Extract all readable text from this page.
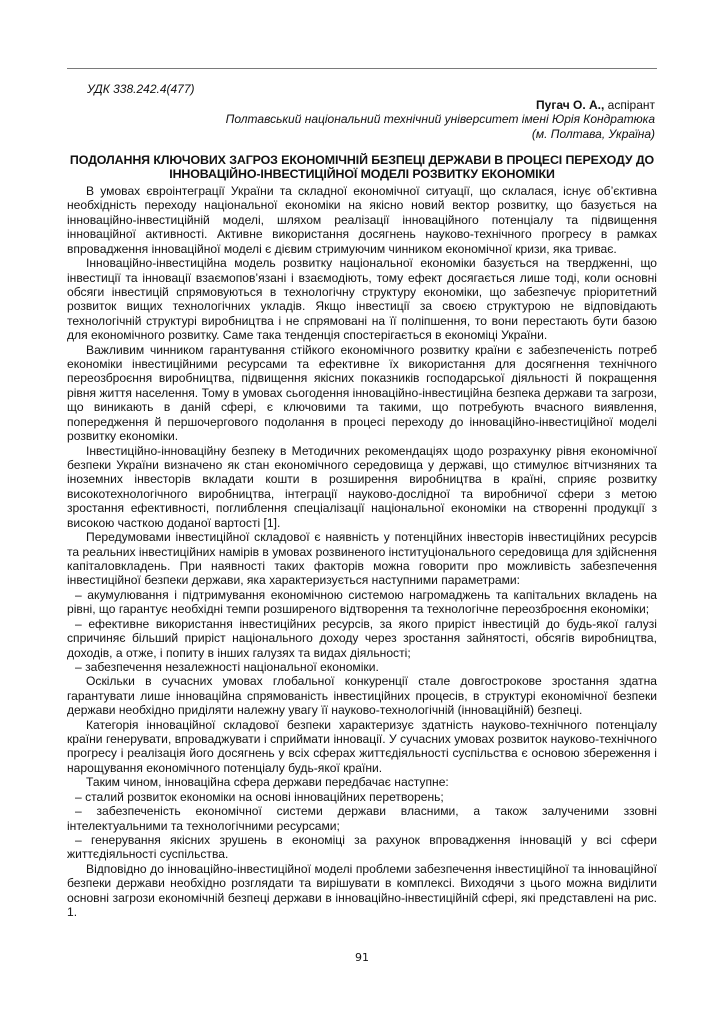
УДК 338.242.4(477)
Пугач О. А., аспірант
Полтавський національний технічний університет імені Юрія Кондратюка
(м. Полтава, Україна)
ПОДОЛАННЯ КЛЮЧОВИХ ЗАГРОЗ ЕКОНОМІЧНІЙ БЕЗПЕЦІ ДЕРЖАВИ В ПРОЦЕСІ ПЕРЕХОДУ ДО
ІННОВАЦІЙНО-ІНВЕСТИЦІЙНОЇ МОДЕЛІ РОЗВИТКУ ЕКОНОМІКИ

В умовах євроінтеграції України та складної економічної ситуації, що склалася, існує об’єктивна необхідність переходу національної економіки на якісно новий вектор розвитку, що базується на інноваційно-інвестиційній моделі, шляхом реалізації інноваційного потенціалу та підвищення інноваційної активності. Активне використання досягнень науково-технічного прогресу в рамках впровадження інноваційної моделі є дієвим стримуючим чинником економічної кризи, яка триває.

Інноваційно-інвестиційна модель розвитку національної економіки базується на твердженні, що інвестиції та інновації взаємопов’язані і взаємодіють, тому ефект досягається лише тоді, коли основні обсяги інвестицій спрямовуються в технологічну структуру економіки, що забезпечує пріоритетний розвиток вищих технологічних укладів. Якщо інвестиції за своєю структурою не відповідають технологічній структурі виробництва і не спрямовані на її поліпшення, то вони перестають бути базою для економічного розвитку. Саме така тенденція спостерігається в економіці України.

Важливим чинником гарантування стійкого економічного розвитку країни є забезпеченість потреб економіки інвестиційними ресурсами та ефективне їх використання для досягнення технічного переозброєння виробництва, підвищення якісних показників господарської діяльності й покращення рівня життя населення. Тому в умовах сьогодення інноваційно-інвестиційна безпека держави та загрози, що виникають в даній сфері, є ключовими та такими, що потребують вчасного виявлення, попередження й першочергового подолання в процесі переходу до інноваційно-інвестиційної моделі розвитку економіки.

Інвестиційно-інноваційну безпеку в Методичних рекомендаціях щодо розрахунку рівня економічної безпеки України визначено як стан економічного середовища у державі, що стимулює вітчизняних та іноземних інвесторів вкладати кошти в розширення виробництва в країні, сприяє розвитку високотехнологічного виробництва, інтеграції науково-дослідної та виробничої сфери з метою зростання ефективності, поглиблення спеціалізації національної економіки на створенні продукції з високою часткою доданої вартості [1].

Передумовами інвестиційної складової є наявність у потенційних інвесторів інвестиційних ресурсів та реальних інвестиційних намірів в умовах розвиненого інституціонального середовища для здійснення капіталовкладень. При наявності таких факторів можна говорити про можливість забезпечення інвестиційної безпеки держави, яка характеризується наступними параметрами:

– акумулювання і підтримування економічною системою нагромаджень та капітальних вкладень на рівні, що гарантує необхідні темпи розширеного відтворення та технологічне переозброєння економіки;

– ефективне використання інвестиційних ресурсів, за якого приріст інвестицій до будь-якої галузі спричиняє більший приріст національного доходу через зростання зайнятості, обсягів виробництва, доходів, а отже, і попиту в інших галузях та видах діяльності;

– забезпечення незалежності національної економіки.

Оскільки в сучасних умовах глобальної конкуренції стале довгострокове зростання здатна гарантувати лише інноваційна спрямованість інвестиційних процесів, в структурі економічної безпеки держави необхідно приділяти належну увагу її науково-технологічній (інноваційній) безпеці.

Категорія інноваційної складової безпеки характеризує здатність науково-технічного потенціалу країни генерувати, впроваджувати і сприймати інновації. У сучасних умовах розвиток науково-технічного прогресу і реалізація його досягнень у всіх сферах життєдіяльності суспільства є основою збереження і нарощування економічного потенціалу будь-якої країни.

Таким чином, інноваційна сфера держави передбачає наступне:

– сталий розвиток економіки на основі інноваційних перетворень;

– забезпеченість економічної системи держави власними, а також залученими ззовні інтелектуальними та технологічними ресурсами;

– генерування якісних зрушень в економіці за рахунок впровадження інновацій у всі сфери життєдіяльності суспільства.

Відповідно до інноваційно-інвестиційної моделі проблеми забезпечення інвестиційної та інноваційної безпеки держави необхідно розглядати та вирішувати в комплексі. Виходячи з цього можна виділити основні загрози економічній безпеці держави в інноваційно-інвестиційній сфері, які представлені на рис. 1.

91
